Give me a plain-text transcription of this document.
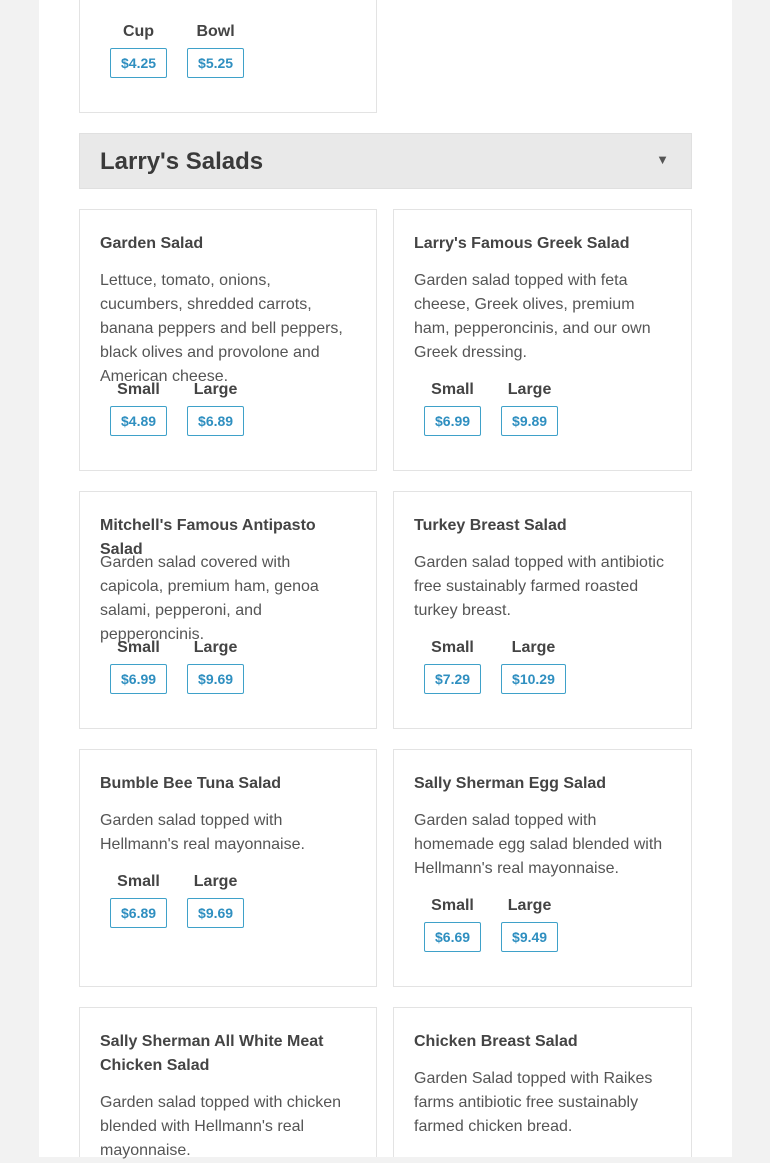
Cup
$4.25
Bowl
$5.25
Larry's Salads	▼
Garden Salad
Lettuce, tomato, onions, cucumbers, shredded carrots, banana peppers and bell peppers, black olives and provolone and American cheese.
Small
$4.89
Large
$6.89
Larry's Famous Greek Salad
Garden salad topped with feta cheese, Greek olives, premium ham, pepperoncinis, and our own Greek dressing.
Small
$6.99
Large
$9.89
Mitchell's Famous Antipasto Salad
Garden salad covered with capicola, premium ham, genoa salami, pepperoni, and pepperoncinis.
Small
$6.99
Large
$9.69
Turkey Breast Salad
Garden salad topped with antibiotic free sustainably farmed roasted turkey breast.
Small
$7.29
Large
$10.29
Bumble Bee Tuna Salad
Garden salad topped with Hellmann's real mayonnaise.
Small
$6.89
Large
$9.69
Sally Sherman Egg Salad
Garden salad topped with homemade egg salad blended with Hellmann's real mayonnaise.
Small
$6.69
Large
$9.49
Sally Sherman All White Meat Chicken Salad
Garden salad topped with chicken blended with Hellmann's real mayonnaise.
Chicken Breast Salad
Garden Salad topped with Raikes farms antibiotic free sustainably farmed chicken bread.
